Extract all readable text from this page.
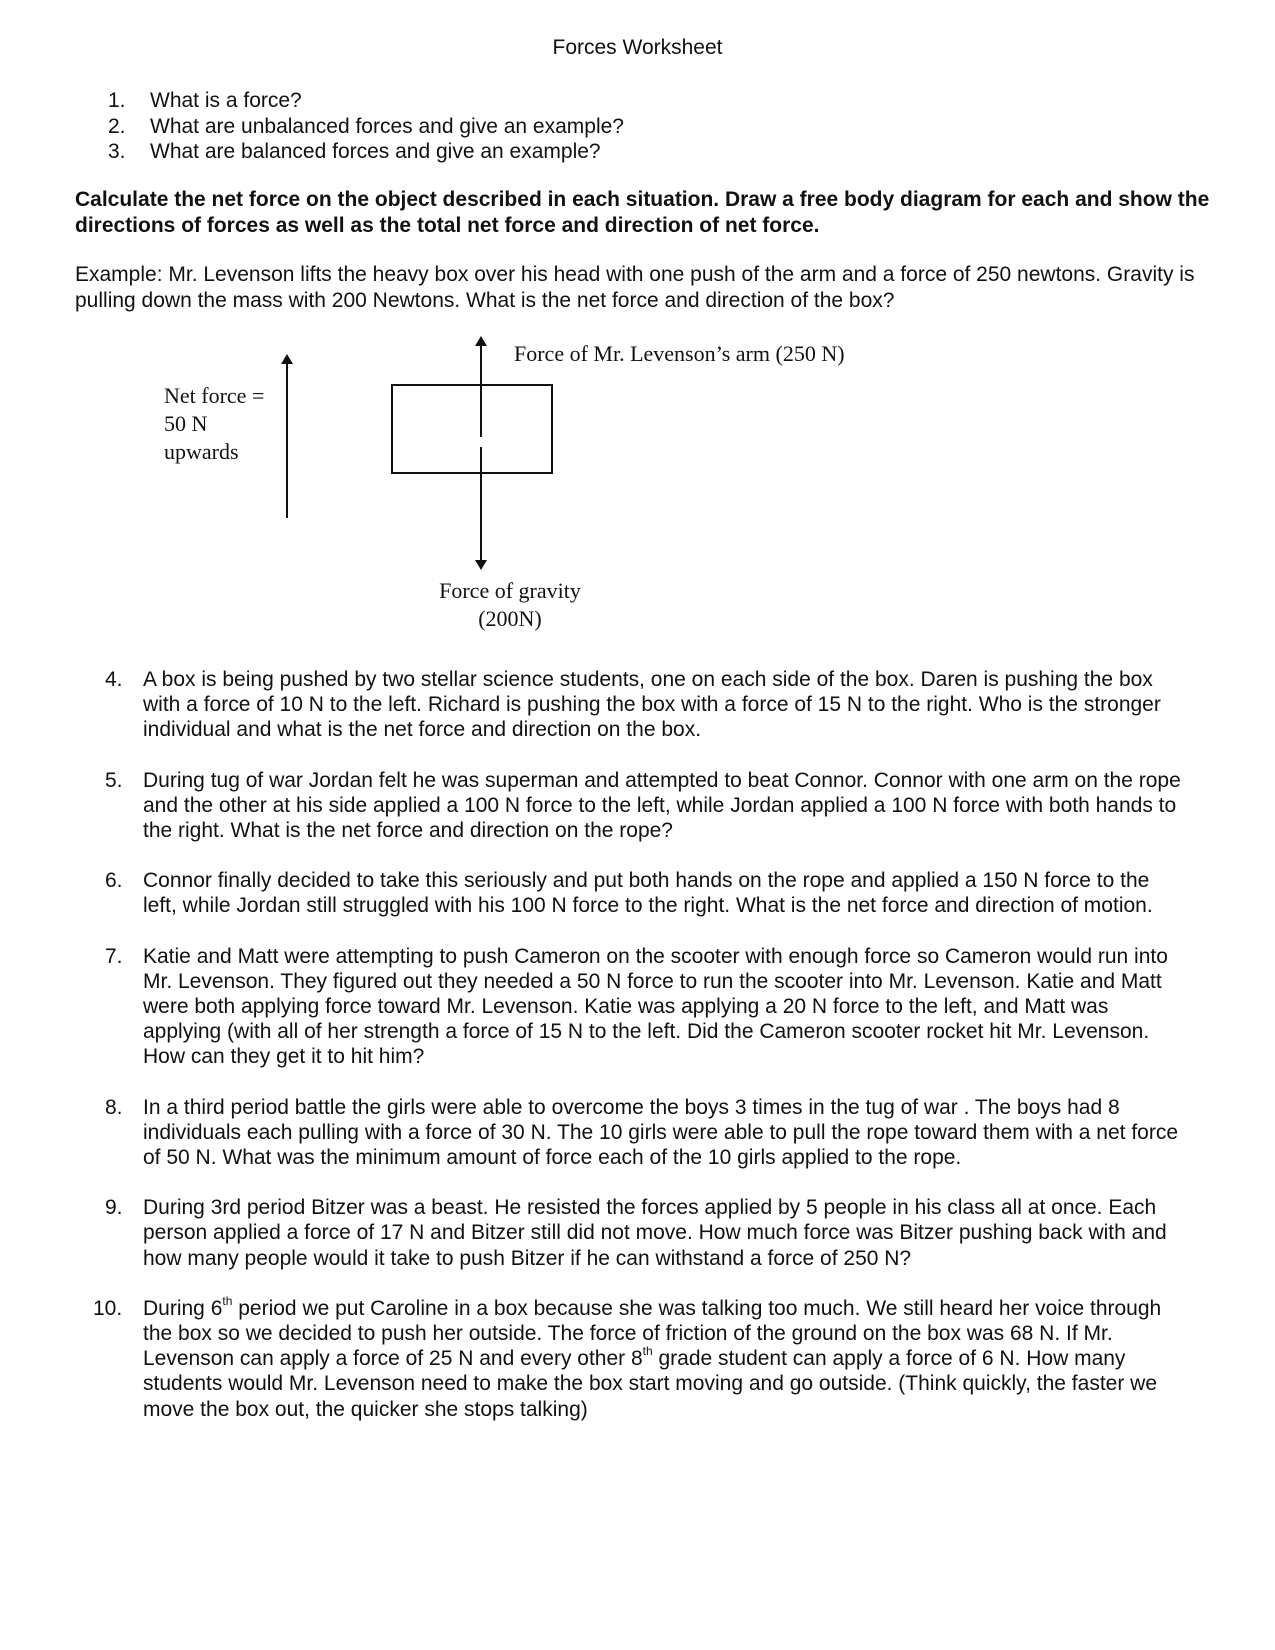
Forces Worksheet
1.	What is a force?
2.	What are unbalanced forces and give an example?
3.	What are balanced forces and give an example?
Calculate the net force on the object described in each situation. Draw a free body diagram for each and show the directions of forces as well as the total net force and direction of net force.
Example: Mr. Levenson lifts the heavy box over his head with one push of the arm and a force of 250 newtons. Gravity is pulling down the mass with 200 Newtons. What is the net force and direction of the box?
Net force =
50 N
upwards
Force of Mr. Levenson’s arm (250 N)
Force of gravity
(200N)
4. A box is being pushed by two stellar science students, one on each side of the box. Daren is pushing the box with a force of 10 N to the left. Richard is pushing the box with a force of 15 N to the right. Who is the stronger individual and what is the net force and direction on the box.
5. During tug of war Jordan felt he was superman and attempted to beat Connor. Connor with one arm on the rope and the other at his side applied a 100 N force to the left, while Jordan applied a 100 N force with both hands to the right. What is the net force and direction on the rope?
6. Connor finally decided to take this seriously and put both hands on the rope and applied a 150 N force to the left, while Jordan still struggled with his 100 N force to the right. What is the net force and direction of motion.
7. Katie and Matt were attempting to push Cameron on the scooter with enough force so Cameron would run into Mr. Levenson. They figured out they needed a 50 N force to run the scooter into Mr. Levenson. Katie and Matt were both applying force toward Mr. Levenson. Katie was applying a 20 N force to the left, and Matt was applying (with all of her strength a force of 15 N to the left. Did the Cameron scooter rocket hit Mr. Levenson. How can they get it to hit him?
8. In a third period battle the girls were able to overcome the boys 3 times in the tug of war . The boys had 8 individuals each pulling with a force of 30 N. The 10 girls were able to pull the rope toward them with a net force of 50 N. What was the minimum amount of force each of the 10 girls applied to the rope.
9. During 3rd period Bitzer was a beast. He resisted the forces applied by 5 people in his class all at once. Each person applied a force of 17 N and Bitzer still did not move. How much force was Bitzer pushing back with and how many people would it take to push Bitzer if he can withstand a force of 250 N?
10. During 6th period we put Caroline in a box because she was talking too much. We still heard her voice through the box so we decided to push her outside. The force of friction of the ground on the box was 68 N. If Mr. Levenson can apply a force of 25 N and every other 8th grade student can apply a force of 6 N. How many students would Mr. Levenson need to make the box start moving and go outside. (Think quickly, the faster we move the box out, the quicker she stops talking)
